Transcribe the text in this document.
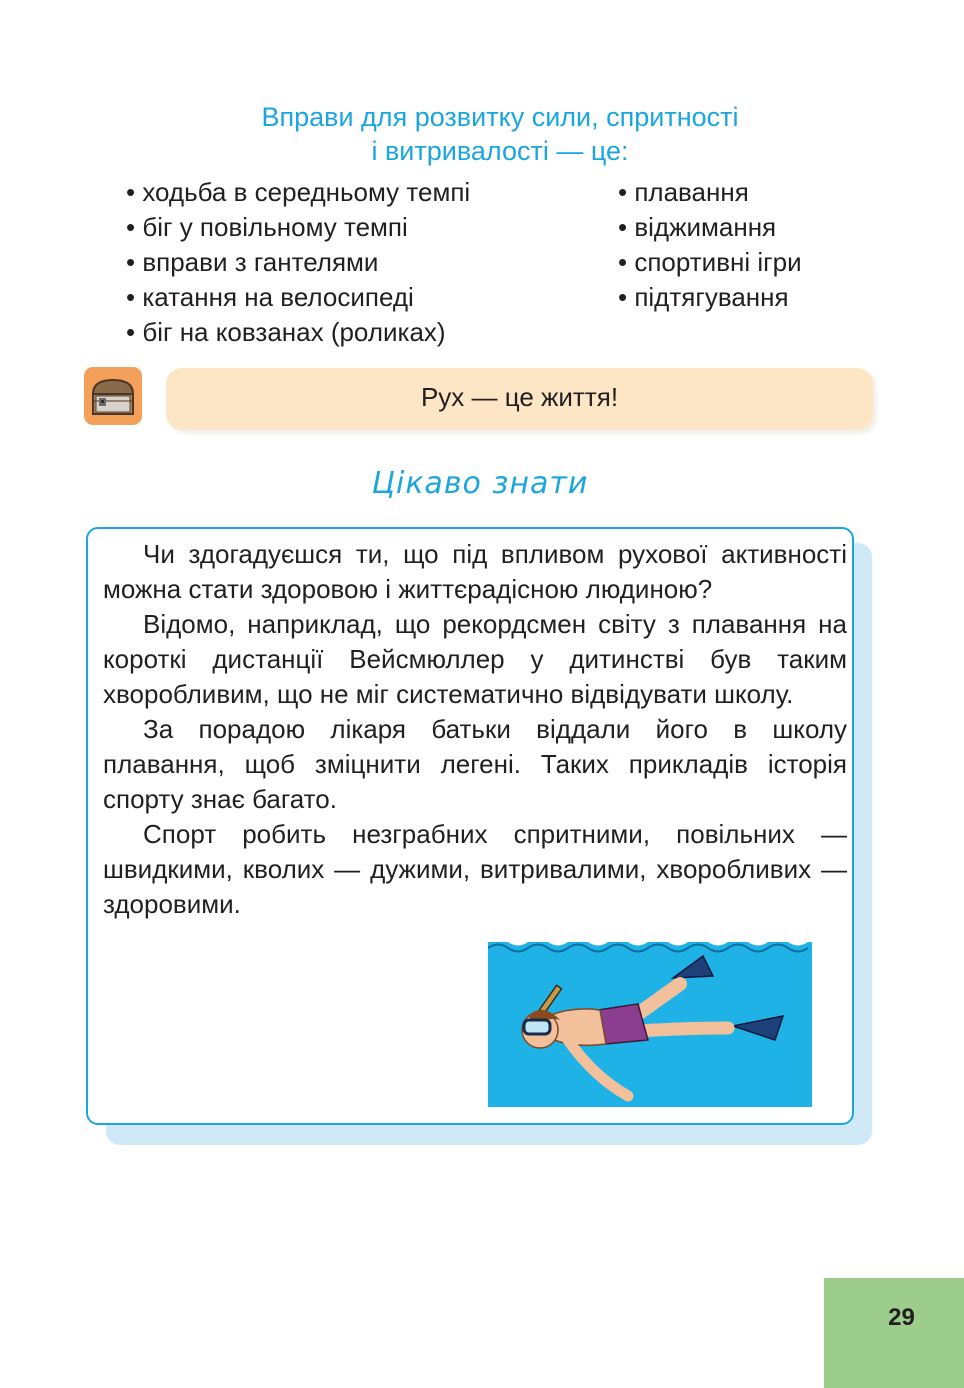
Вправи для розвитку сили, спритності
і витривалості — це:
• ходьба в середньому темпі
• біг у повільному темпі
• вправи з гантелями
• катання на велосипеді
• біг на ковзанах (роликах)
• плавання
• віджимання
• спортивні ігри
• підтягування
Рух — це життя!
Цікаво знати

Чи здогадуєшся ти, що під впливом рухової активності можна стати здоровою і життєрадісною людиною?

Відомо, наприклад, що рекордсмен світу з плавання на короткі дистанції Вейсмюллер у дитинстві був таким хворобливим, що не міг систематично відвідувати школу.

За порадою лікаря батьки віддали його в школу плавання, щоб зміцнити легені. Таких прикладів історія спорту знає багато.

Спорт робить незграбних спритними, повільних — швидкими, кволих — дужими, витривалими, хворобливих — здоровими.

29
